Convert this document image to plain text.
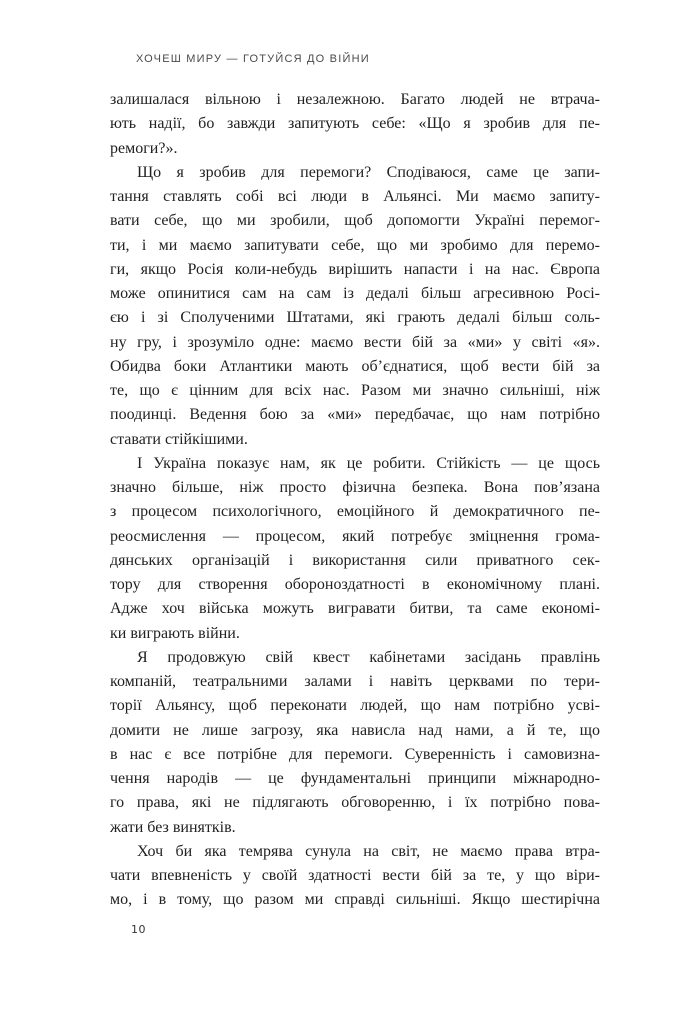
ХОЧЕШ МИРУ — ГОТУЙСЯ ДО ВІЙНИ
залишалася вільною і незалежною. Багато людей не втрача-
ють надії, бо завжди запитують себе: «Що я зробив для пе-
ремоги?».
Що я зробив для перемоги? Сподіваюся, саме це запи-
тання ставлять собі всі люди в Альянсі. Ми маємо запиту-
вати себе, що ми зробили, щоб допомогти Україні перемог-
ти, і ми маємо запитувати себе, що ми зробимо для перемо-
ги, якщо Росія коли-небудь вирішить напасти і на нас. Європа
може опинитися сам на сам із дедалі більш агресивною Росі-
єю і зі Сполученими Штатами, які грають дедалі більш соль-
ну гру, і зрозуміло одне: маємо вести бій за «ми» у світі «я».
Обидва боки Атлантики мають об’єднатися, щоб вести бій за
те, що є цінним для всіх нас. Разом ми значно сильніші, ніж
поодинці. Ведення бою за «ми» передбачає, що нам потрібно
ставати стійкішими.
І Україна показує нам, як це робити. Стійкість — це щось
значно більше, ніж просто фізична безпека. Вона пов’язана
з процесом психологічного, емоційного й демократичного пе-
реосмислення — процесом, який потребує зміцнення грома-
дянських організацій і використання сили приватного сек-
тору для створення обороноздатності в економічному плані.
Адже хоч війська можуть вигравати битви, та саме економі-
ки виграють війни.
Я продовжую свій квест кабінетами засідань правлінь
компаній, театральними залами і навіть церквами по тери-
торії Альянсу, щоб переконати людей, що нам потрібно усві-
домити не лише загрозу, яка нависла над нами, а й те, що
в нас є все потрібне для перемоги. Суверенність і самовизна-
чення народів — це фундаментальні принципи міжнародно-
го права, які не підлягають обговоренню, і їх потрібно пова-
жати без винятків.
Хоч би яка темрява сунула на світ, не маємо права втра-
чати впевненість у своїй здатності вести бій за те, у що віри-
мо, і в тому, що разом ми справді сильніші. Якщо шестирічна
10
